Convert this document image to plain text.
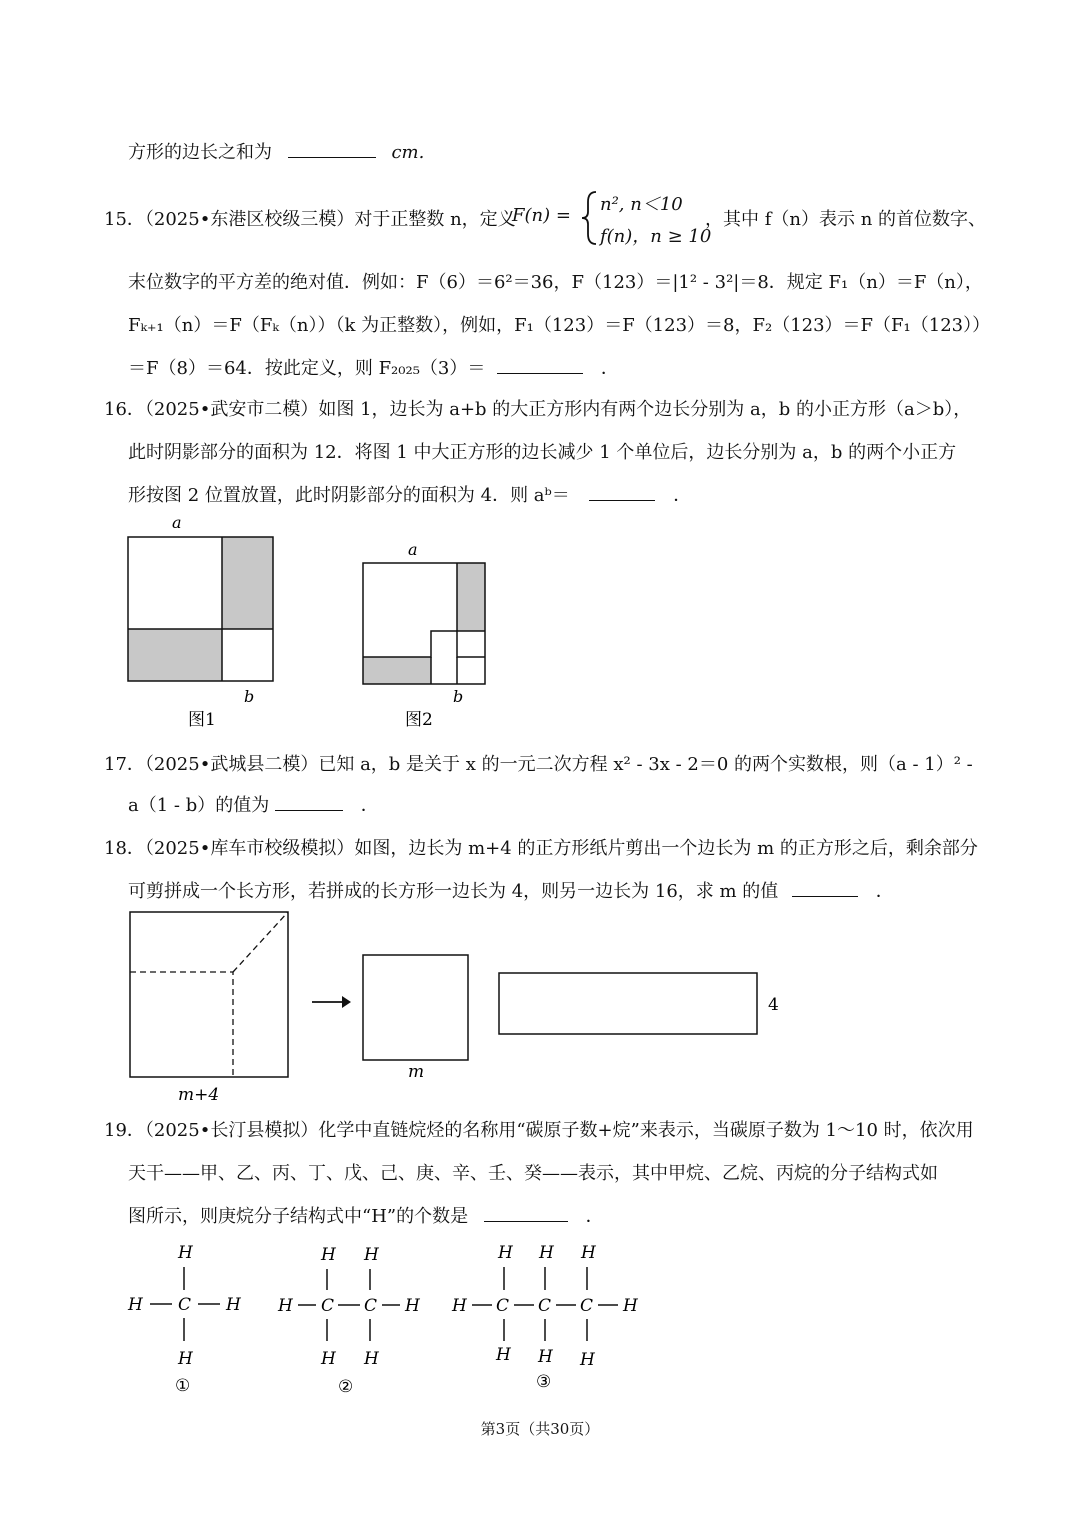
方形的边长之和为	cm.
15．（2025•东港区校级三模）对于正整数 n，定义
F(n) =
n², n＜10
f(n)，n ≥ 10
，其中 f（n）表示 n 的首位数字、
末位数字的平方差的绝对值．例如：F（6）＝6²＝36，F（123）＝|1² - 3²|＝8．规定 F₁（n）＝F（n），
Fₖ₊₁（n）＝F（Fₖ（n））（k 为正整数），例如，F₁（123）＝F（123）＝8，F₂（123）＝F（F₁（123））
＝F（8）＝64．按此定义，则 F₂₀₂₅（3）＝	．
16．（2025•武安市二模）如图 1，边长为 a+b 的大正方形内有两个边长分别为 a，b 的小正方形（a＞b），
此时阴影部分的面积为 12．将图 1 中大正方形的边长减少 1 个单位后，边长分别为 a，b 的两个小正方
形按图 2 位置放置，此时阴影部分的面积为 4．则 aᵇ＝	．
a
b
图1
a
b
图2
17．（2025•武城县二模）已知 a，b 是关于 x 的一元二次方程 x² - 3x - 2＝0 的两个实数根，则（a - 1）² -
a（1 - b）的值为	．
18．（2025•库车市校级模拟）如图，边长为 m+4 的正方形纸片剪出一个边长为 m 的正方形之后，剩余部分
可剪拼成一个长方形，若拼成的长方形一边长为 4，则另一边长为 16，求 m 的值	．
m+4
m
4
19．（2025•长汀县模拟）化学中直链烷烃的名称用“碳原子数+烷”来表示，当碳原子数为 1～10 时，依次用
天干——甲、乙、丙、丁、戊、己、庚、辛、壬、癸——表示，其中甲烷、乙烷、丙烷的分子结构式如
图所示，则庚烷分子结构式中“H”的个数是	．
H
H C H
H
①
H H
H C C H
H H
②
H H H
H C C C H
H H H
③
第3页（共30页）
